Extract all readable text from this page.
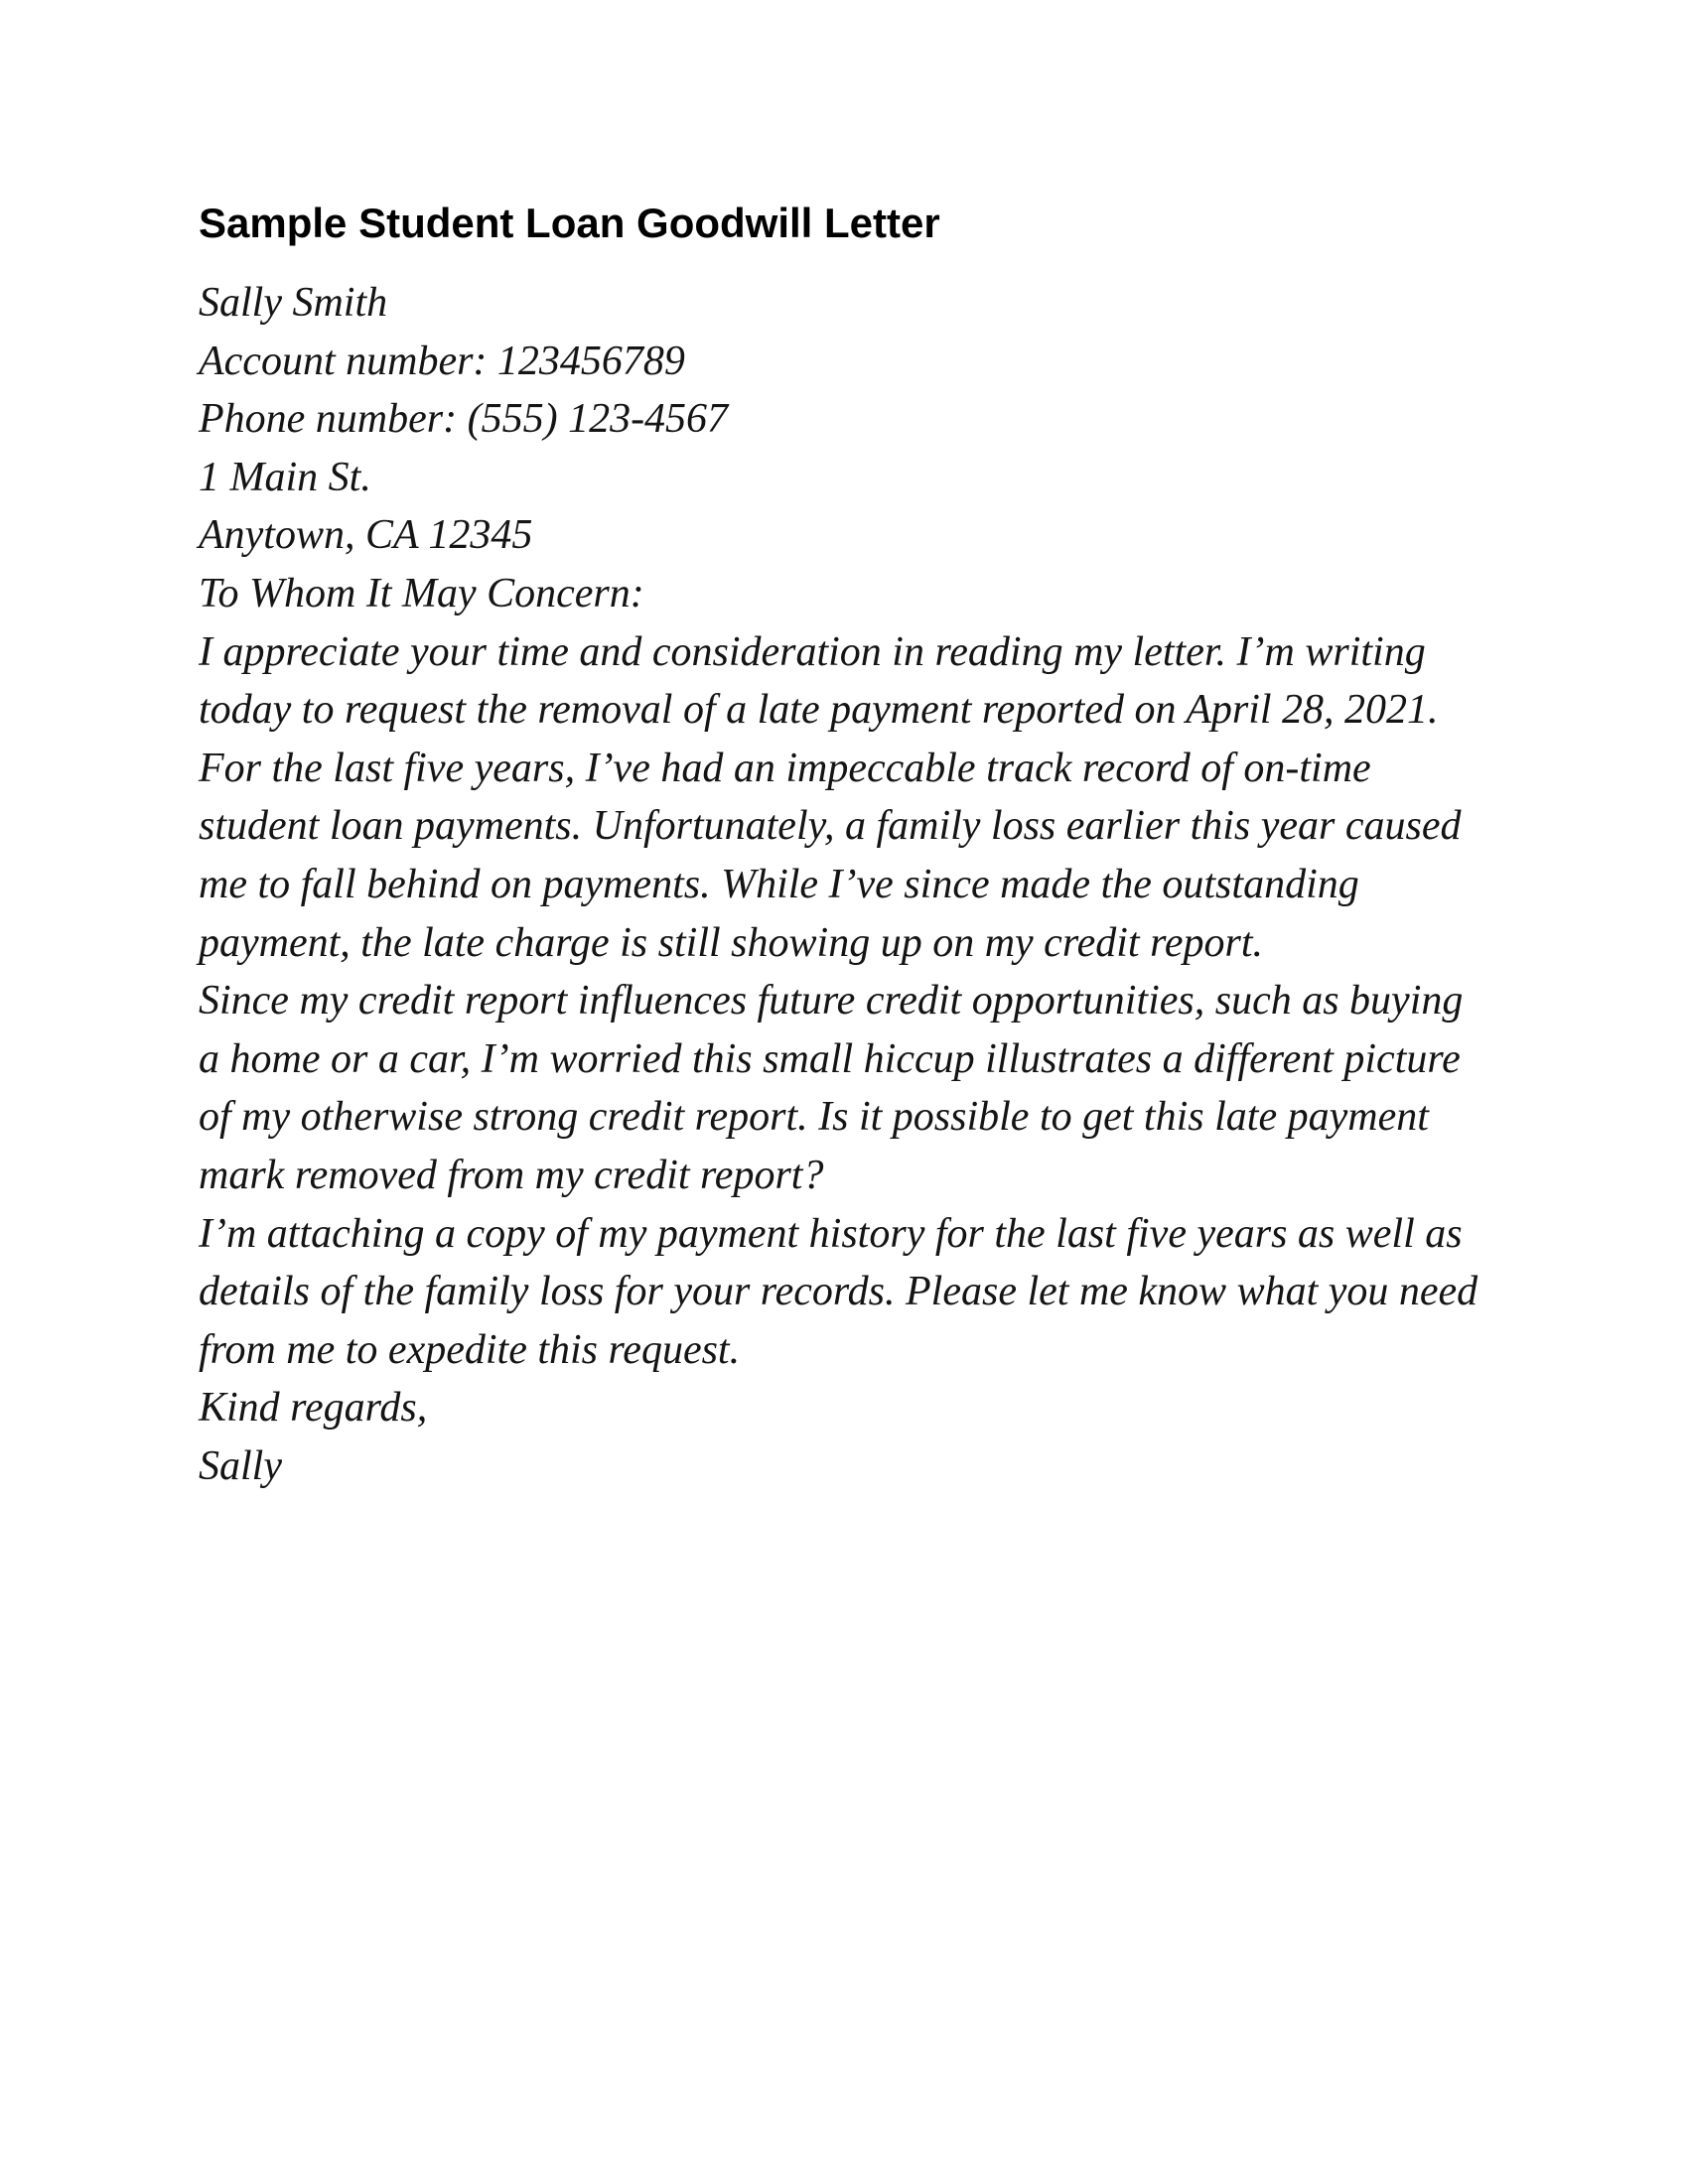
Sample Student Loan Goodwill Letter
Sally Smith
Account number: 123456789
Phone number: (555) 123-4567
1 Main St.
Anytown, CA 12345
To Whom It May Concern:
I appreciate your time and consideration in reading my letter. I’m writing
today to request the removal of a late payment reported on April 28, 2021.
For the last five years, I’ve had an impeccable track record of on-time
student loan payments. Unfortunately, a family loss earlier this year caused
me to fall behind on payments. While I’ve since made the outstanding
payment, the late charge is still showing up on my credit report.
Since my credit report influences future credit opportunities, such as buying
a home or a car, I’m worried this small hiccup illustrates a different picture
of my otherwise strong credit report. Is it possible to get this late payment
mark removed from my credit report?
I’m attaching a copy of my payment history for the last five years as well as
details of the family loss for your records. Please let me know what you need
from me to expedite this request.
Kind regards,
Sally
